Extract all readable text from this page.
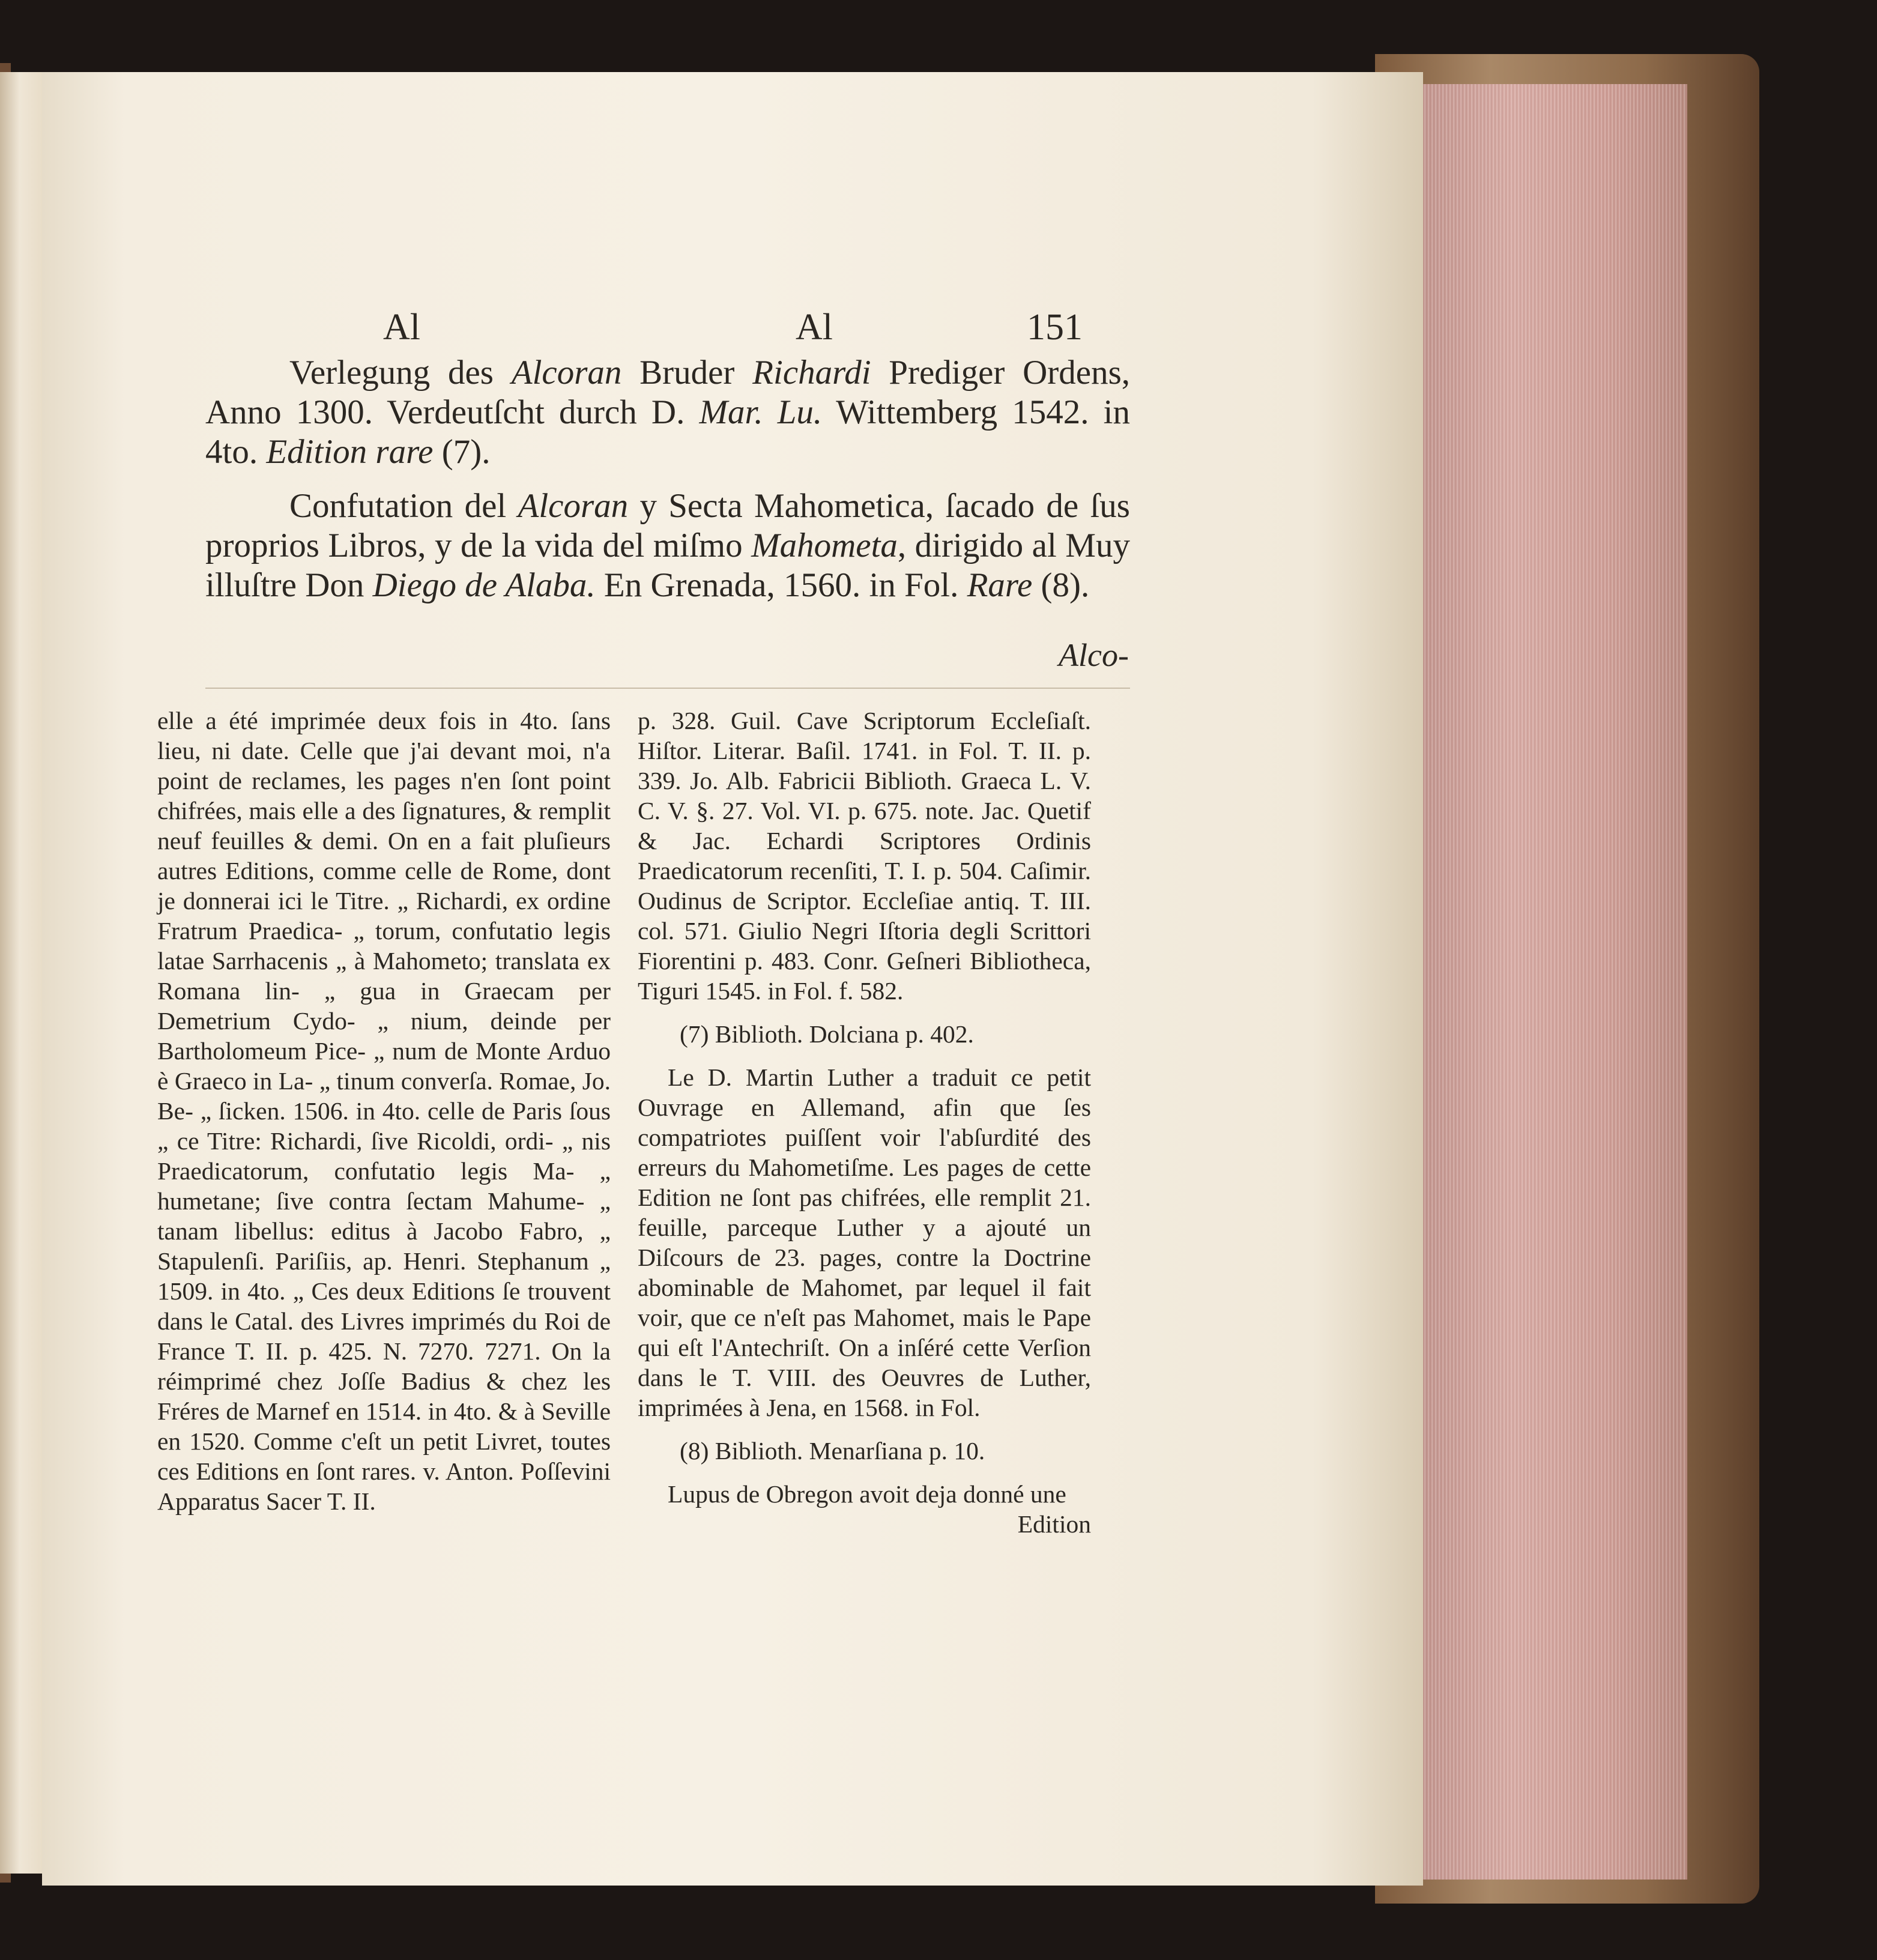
Al	Al	151
Verlegung des Alcoran Bruder Richardi Prediger Ordens, Anno 1300. Verdeutſcht durch D. Mar. Lu. Wittemberg 1542. in 4to. Edition rare (7).
Confutation del Alcoran y Secta Mahometica, ſacado de ſus proprios Libros, y de la vida del miſmo Mahometa, dirigido al Muy illuſtre Don Diego de Alaba. En Grenada, 1560. in Fol. Rare (8).
Alco-

elle a été imprimée deux fois in 4to. ſans lieu, ni date. Celle que j'ai devant moi, n'a point de reclames, les pages n'en ſont point chifrées, mais elle a des ſignatures, & remplit neuf feuilles & demi. On en a fait pluſieurs autres Editions, comme celle de Rome, dont je donnerai ici le Titre. „ Richardi, ex ordine Fratrum Praedica- „ torum, confutatio legis latae Sarrhacenis „ à Mahometo; translata ex Romana lin- „ gua in Graecam per Demetrium Cydo- „ nium, deinde per Bartholomeum Pice- „ num de Monte Arduo è Graeco in La- „ tinum converſa. Romae, Jo. Be- „ ſicken. 1506. in 4to. celle de Paris ſous „ ce Titre: Richardi, ſive Ricoldi, ordi- „ nis Praedicatorum, confutatio legis Ma- „ humetane; ſive contra ſectam Mahume- „ tanam libellus: editus à Jacobo Fabro, „ Stapulenſi. Pariſiis, ap. Henri. Stephanum „ 1509. in 4to. „ Ces deux Editions ſe trouvent dans le Catal. des Livres imprimés du Roi de France T. II. p. 425. N. 7270. 7271. On la réimprimé chez Joſſe Badius & chez les Fréres de Marnef en 1514. in 4to. & à Seville en 1520. Comme c'eſt un petit Livret, toutes ces Editions en ſont rares. v. Anton. Poſſevini Apparatus Sacer T. II.

p. 328. Guil. Cave Scriptorum Eccleſiaſt. Hiſtor. Literar. Baſil. 1741. in Fol. T. II. p. 339. Jo. Alb. Fabricii Biblioth. Graeca L. V. C. V. §. 27. Vol. VI. p. 675. note. Jac. Quetif & Jac. Echardi Scriptores Ordinis Praedicatorum recenſiti, T. I. p. 504. Caſimir. Oudinus de Scriptor. Eccleſiae antiq. T. III. col. 571. Giulio Negri Iſtoria degli Scrittori Fiorentini p. 483. Conr. Geſneri Bibliotheca, Tiguri 1545. in Fol. f. 582.

(7) Biblioth. Dolciana p. 402.

Le D. Martin Luther a traduit ce petit Ouvrage en Allemand, afin que ſes compatriotes puiſſent voir l'abſurdité des erreurs du Mahometiſme. Les pages de cette Edition ne ſont pas chifrées, elle remplit 21. feuille, parceque Luther y a ajouté un Diſcours de 23. pages, contre la Doctrine abominable de Mahomet, par lequel il fait voir, que ce n'eſt pas Mahomet, mais le Pape qui eſt l'Antechriſt. On a inſéré cette Verſion dans le T. VIII. des Oeuvres de Luther, imprimées à Jena, en 1568. in Fol.

(8) Biblioth. Menarſiana p. 10.

Lupus de Obregon avoit deja donné une

Edition
